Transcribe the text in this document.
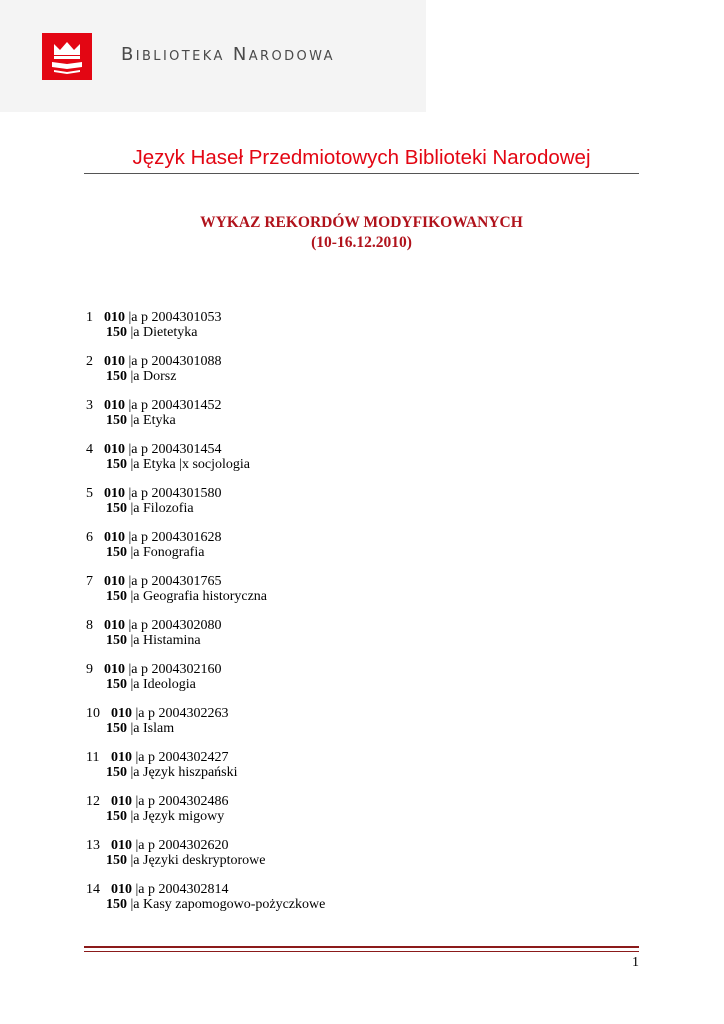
Biblioteka Narodowa
Język Haseł Przedmiotowych Biblioteki Narodowej
WYKAZ REKORDÓW MODYFIKOWANYCH
(10-16.12.2010)
1 010 |a p 2004301053
150 |a Dietetyka
2 010 |a p 2004301088
150 |a Dorsz
3 010 |a p 2004301452
150 |a Etyka
4 010 |a p 2004301454
150 |a Etyka |x socjologia
5 010 |a p 2004301580
150 |a Filozofia
6 010 |a p 2004301628
150 |a Fonografia
7 010 |a p 2004301765
150 |a Geografia historyczna
8 010 |a p 2004302080
150 |a Histamina
9 010 |a p 2004302160
150 |a Ideologia
10 010 |a p 2004302263
150 |a Islam
11 010 |a p 2004302427
150 |a Język hiszpański
12 010 |a p 2004302486
150 |a Język migowy
13 010 |a p 2004302620
150 |a Języki deskryptorowe
14 010 |a p 2004302814
150 |a Kasy zapomogowo-pożyczkowe
1
